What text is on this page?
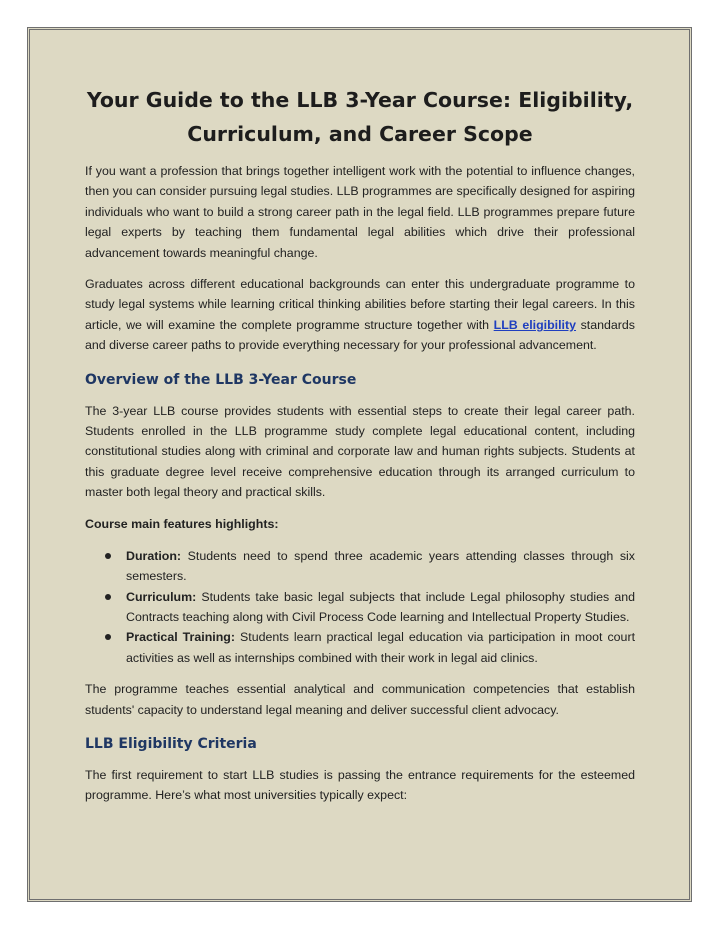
Your Guide to the LLB 3-Year Course: Eligibility, Curriculum, and Career Scope

If you want a profession that brings together intelligent work with the potential to influence changes, then you can consider pursuing legal studies. LLB programmes are specifically designed for aspiring individuals who want to build a strong career path in the legal field. LLB programmes prepare future legal experts by teaching them fundamental legal abilities which drive their professional advancement towards meaningful change.

Graduates across different educational backgrounds can enter this undergraduate programme to study legal systems while learning critical thinking abilities before starting their legal careers. In this article, we will examine the complete programme structure together with LLB eligibility standards and diverse career paths to provide everything necessary for your professional advancement.

Overview of the LLB 3-Year Course

The 3-year LLB course provides students with essential steps to create their legal career path. Students enrolled in the LLB programme study complete legal educational content, including constitutional studies along with criminal and corporate law and human rights subjects. Students at this graduate degree level receive comprehensive education through its arranged curriculum to master both legal theory and practical skills.

Course main features highlights:
Duration: Students need to spend three academic years attending classes through six semesters.
Curriculum: Students take basic legal subjects that include Legal philosophy studies and Contracts teaching along with Civil Process Code learning and Intellectual Property Studies.
Practical Training: Students learn practical legal education via participation in moot court activities as well as internships combined with their work in legal aid clinics.

The programme teaches essential analytical and communication competencies that establish students' capacity to understand legal meaning and deliver successful client advocacy.

LLB Eligibility Criteria

The first requirement to start LLB studies is passing the entrance requirements for the esteemed programme. Here’s what most universities typically expect:
